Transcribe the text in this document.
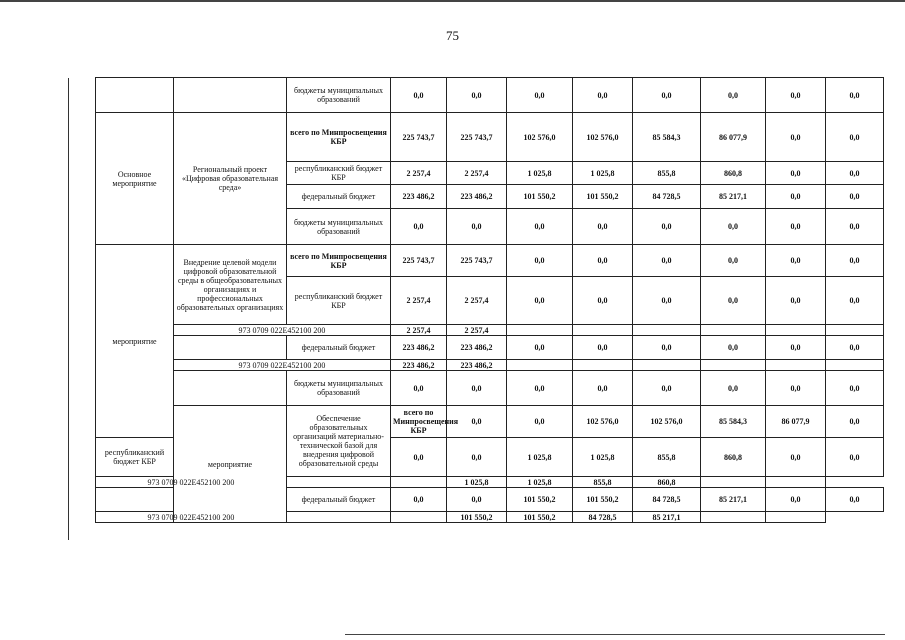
75
		бюджеты муниципальных образований	0,0	0,0	0,0	0,0	0,0	0,0	0,0	0,0	
Основное мероприятие	Региональный проект «Цифровая образовательная среда»	всего по Минпросвещения КБР	225 743,7	225 743,7	102 576,0	102 576,0	85 584,3	86 077,9	0,0	0,0	
		республиканский бюджет КБР	2 257,4	2 257,4	1 025,8	1 025,8	855,8	860,8	0,0	0,0	
		федеральный бюджет	223 486,2	223 486,2	101 550,2	101 550,2	84 728,5	85 217,1	0,0	0,0	
		бюджеты муниципальных образований	0,0	0,0	0,0	0,0	0,0	0,0	0,0	0,0	
мероприятие	Внедрение целевой модели цифровой образовательной среды в общеобразовательных организациях и профессиональных образовательных организациях	всего по Минпросвещения КБР	225 743,7	225 743,7	0,0	0,0	0,0	0,0	0,0	0,0	
		республиканский бюджет КБР	2 257,4	2 257,4	0,0	0,0	0,0	0,0	0,0	0,0	
	973 0709 022Е452100 200		2 257,4	2 257,4							
		федеральный бюджет	223 486,2	223 486,2	0,0	0,0	0,0	0,0	0,0	0,0	
	973 0709 022Е452100 200		223 486,2	223 486,2							
		бюджеты муниципальных образований	0,0	0,0	0,0	0,0	0,0	0,0	0,0	0,0	
	мероприятие	Обеспечение образовательных организаций материально-технической базой для внедрения цифровой образовательной среды	всего по Минпросвещения КБР	0,0	0,0	102 576,0	102 576,0	85 584,3	86 077,9	0,0	
республиканский бюджет КБР			0,0	0,0	1 025,8	1 025,8	855,8	860,8	0,0	0,0	
973 0709 022Е452100 200				1 025,8	1 025,8	855,8	860,8				
		федеральный бюджет	0,0	0,0	101 550,2	101 550,2	84 728,5	85 217,1	0,0	0,0	
973 0709 022Е452100 200				101 550,2	101 550,2	84 728,5	85 217,1				
